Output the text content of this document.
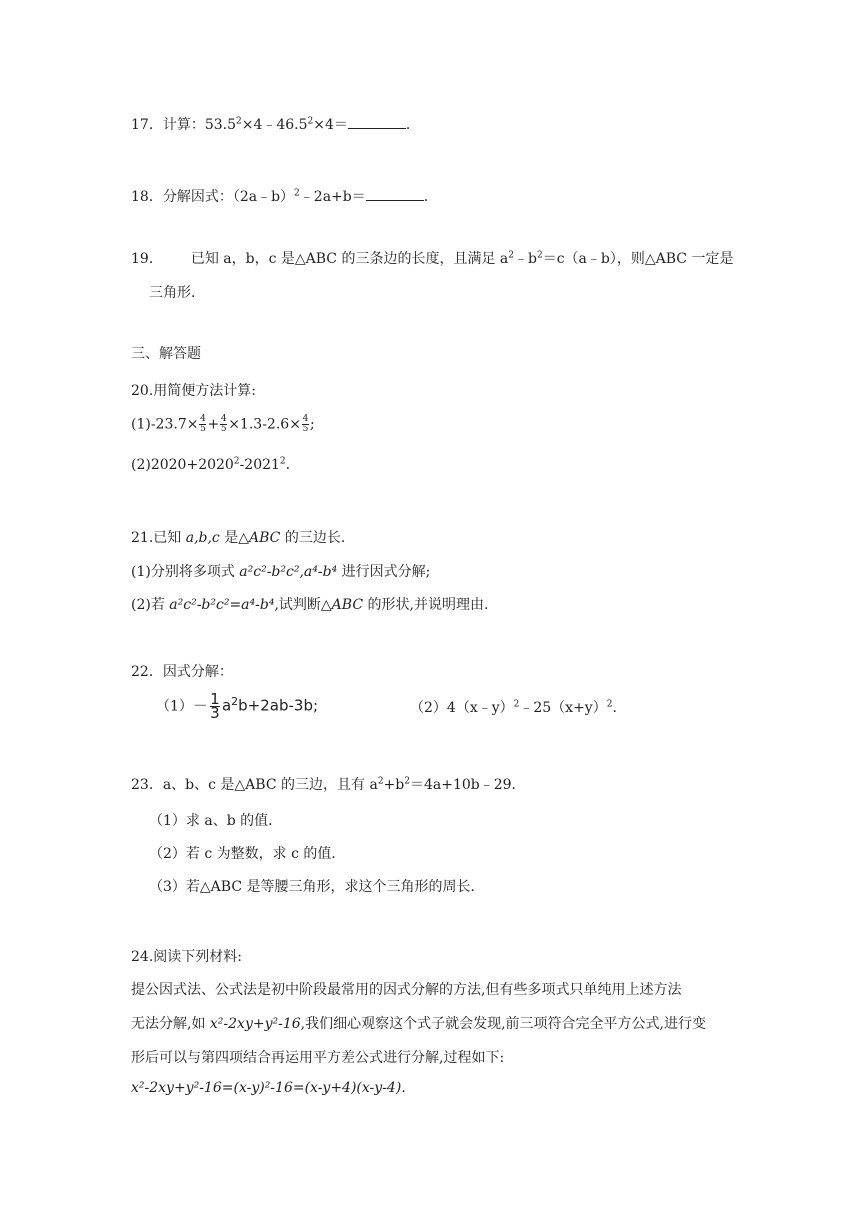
17．计算：$53.5^2\times 4﹣46.5^2\times 4=$	．
18．分解因式：（2a﹣b）$^2$﹣2a+b＝	．
19． 已知 a，b，c 是△ABC 的三条边的长度，且满足 $a^2﹣b^2=c(a﹣b)$，则△ABC 一定是
三角形．
三、解答题
20.用简便方法计算:
$(1)-23.7\times \frac{4}{5} + \frac{4}{5} \times 1.3-2.6\times \frac{4}{5}$ ;
$(2)2020+2020^2-2021^2$.
21.已知 a,b,c 是△ABC 的三边长.
(1)分别将多项式 a²c²-b²c²,a⁴-b⁴ 进行因式分解;
(2)若 a²c²-b²c²=a⁴-b⁴,试判断△ABC 的形状,并说明理由.
22．因式分解：
$(1)- \frac{1}{3} a^2b+2ab-3b$;	$(2)4(x﹣y)^2﹣25(x+y)^2$．
23．a、b、c 是△ABC 的三边，且有 $a^2+b^2=4a+10b﹣29$．
（1）求 a、b 的值．
（2）若 c 为整数，求 c 的值．
（3）若△ABC 是等腰三角形，求这个三角形的周长．
24.阅读下列材料:
提公因式法、公式法是初中阶段最常用的因式分解的方法,但有些多项式只单纯用上述方法
无法分解,如 x²-2xy+y²-16,我们细心观察这个式子就会发现,前三项符合完全平方公式,进行变
形后可以与第四项结合再运用平方差公式进行分解,过程如下:
x²-2xy+y²-16=(x-y)²-16=(x-y+4)(x-y-4).
